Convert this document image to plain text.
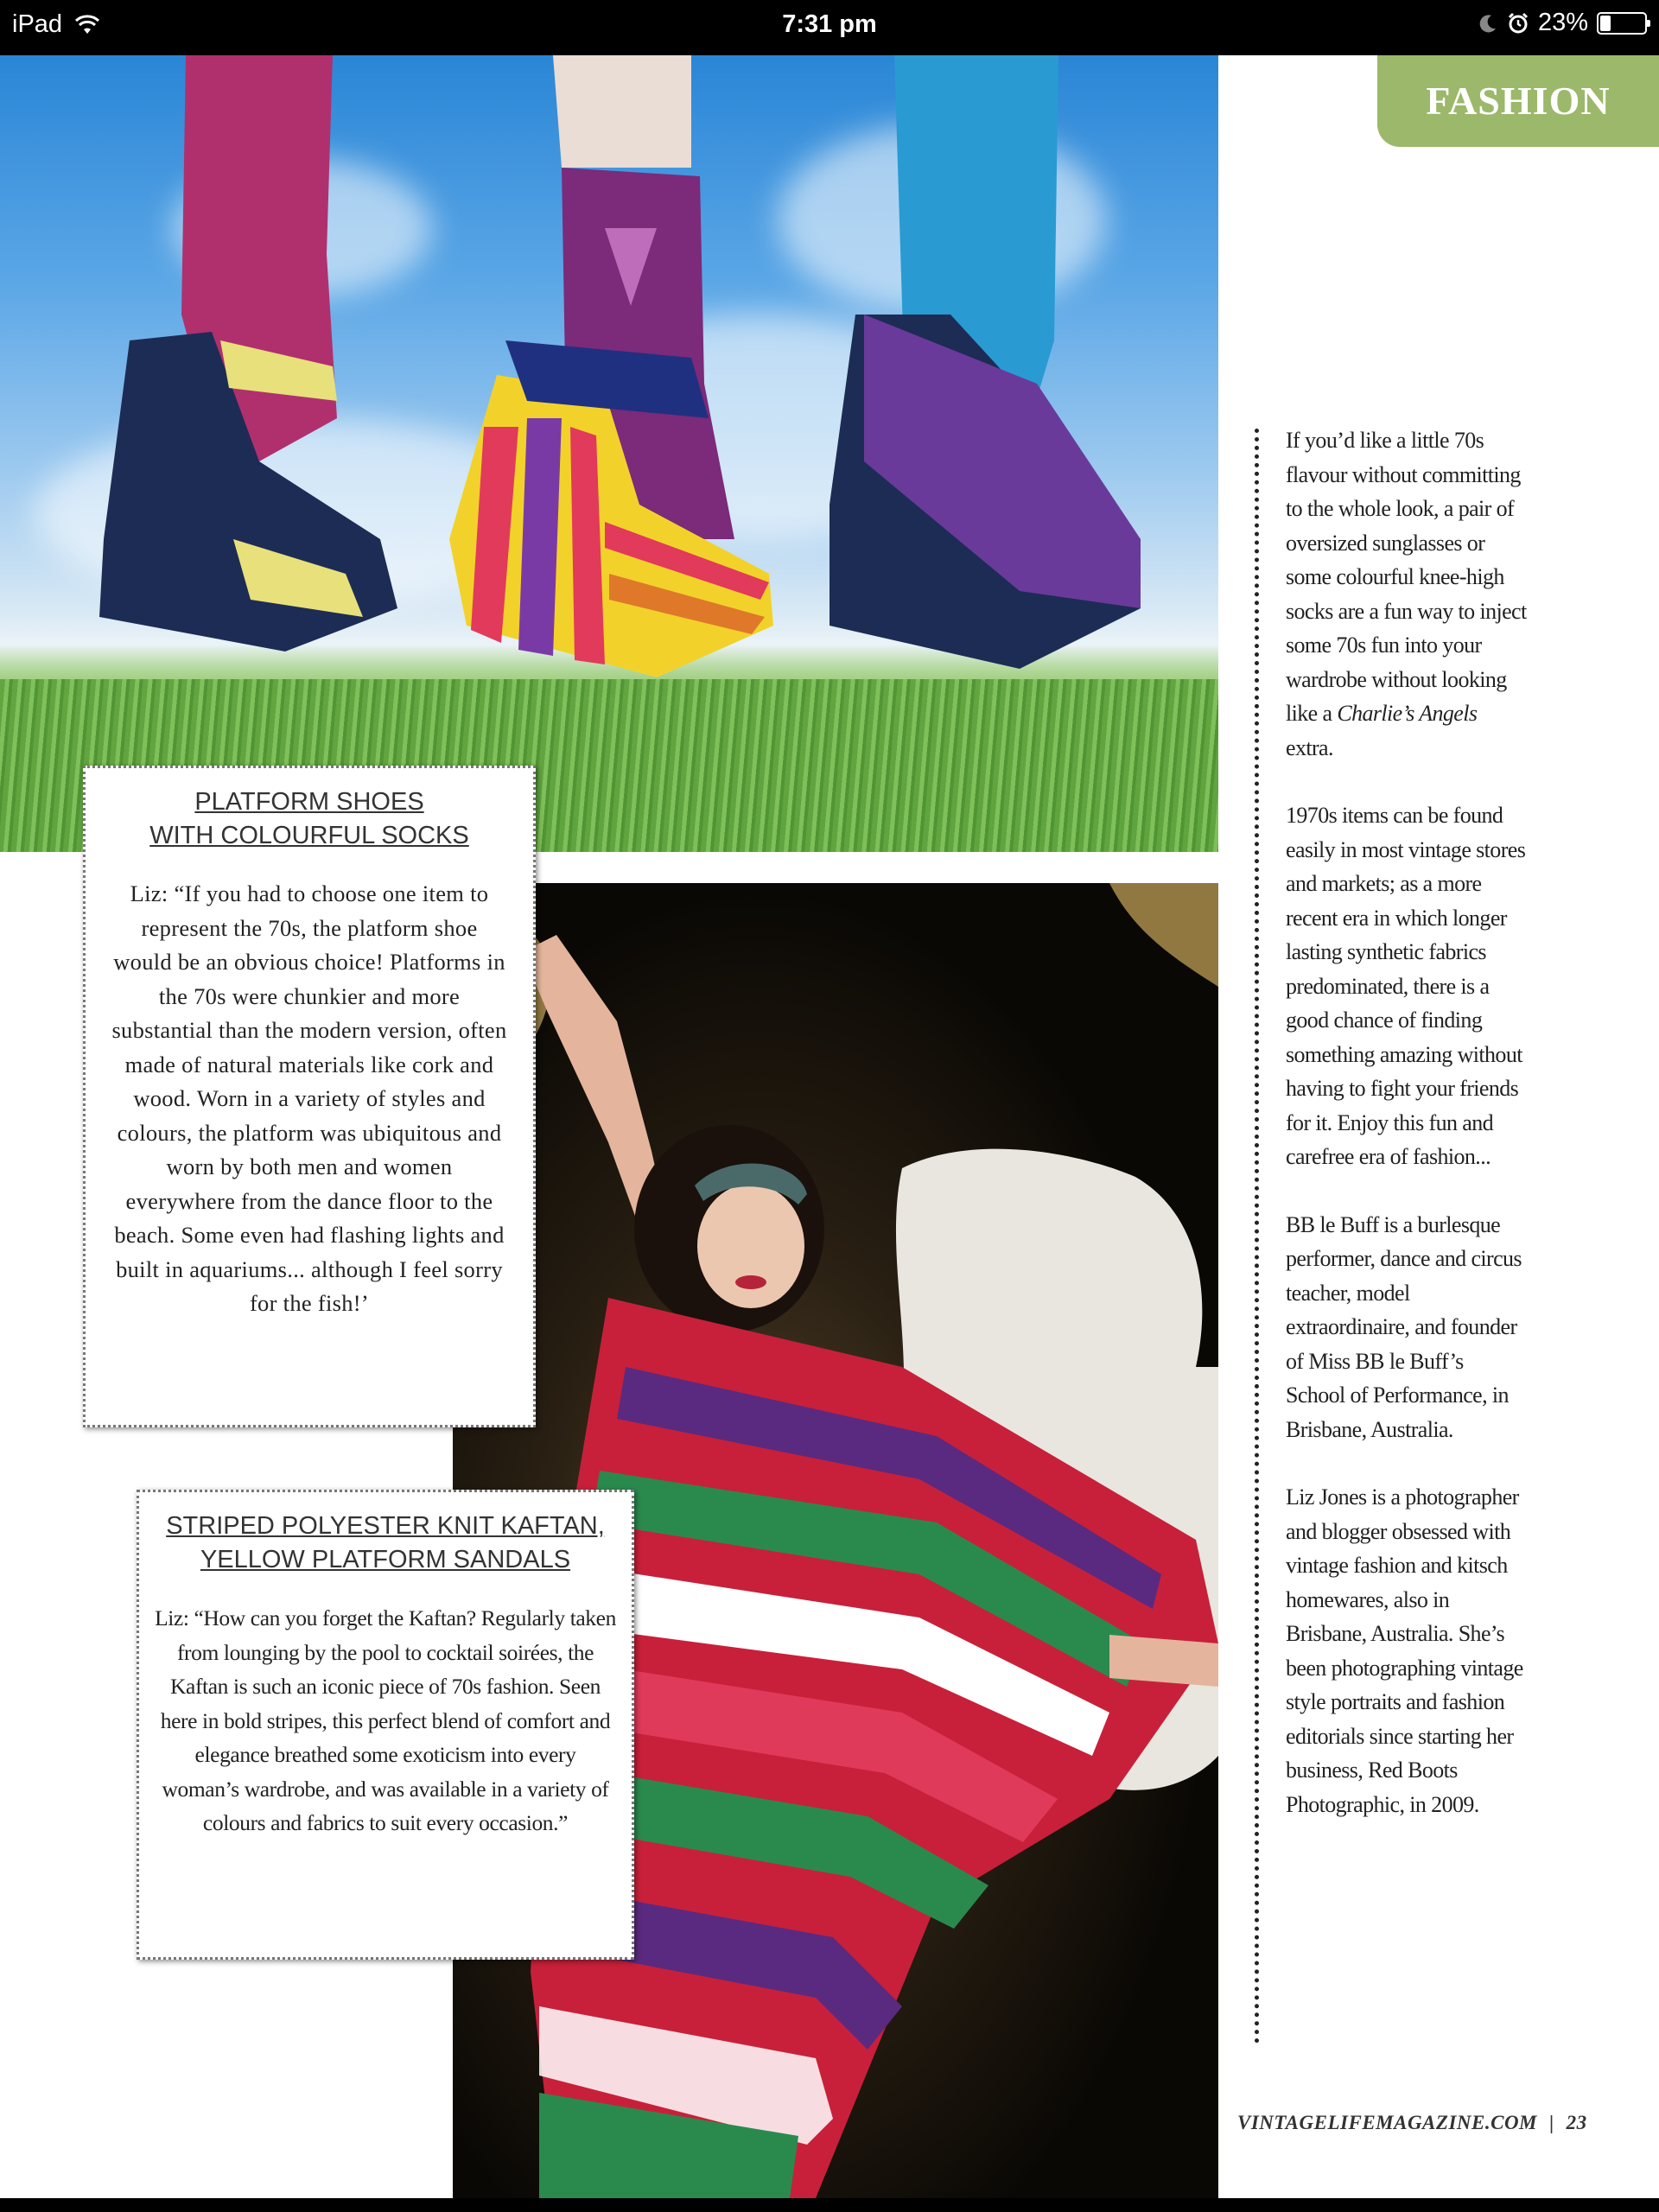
iPad	7:31 pm	23%
FASHION
PLATFORM SHOES
WITH COLOURFUL SOCKS
Liz: “If you had to choose one item to represent the 70s, the platform shoe would be an obvious choice! Platforms in the 70s were chunkier and more substantial than the modern version, often made of natural materials like cork and wood. Worn in a variety of styles and colours, the platform was ubiquitous and worn by both men and women everywhere from the dance floor to the beach. Some even had flashing lights and built in aquariums... although I feel sorry for the fish!’
STRIPED POLYESTER KNIT KAFTAN,
YELLOW PLATFORM SANDALS
Liz: “How can you forget the Kaftan? Regularly taken from lounging by the pool to cocktail soirées, the Kaftan is such an iconic piece of 70s fashion. Seen here in bold stripes, this perfect blend of comfort and elegance breathed some exoticism into every woman’s wardrobe, and was available in a variety of colours and fabrics to suit every occasion.”

If you’d like a little 70s flavour without committing to the whole look, a pair of oversized sunglasses or some colourful knee-high socks are a fun way to inject some 70s fun into your wardrobe without looking like a Charlie’s Angels extra.

1970s items can be found easily in most vintage stores and markets; as a more recent era in which longer lasting synthetic fabrics predominated, there is a good chance of finding something amazing without having to fight your friends for it. Enjoy this fun and carefree era of fashion...

BB le Buff is a burlesque performer, dance and circus teacher, model extraordinaire, and founder of Miss BB le Buff’s School of Performance, in Brisbane, Australia.

Liz Jones is a photographer and blogger obsessed with vintage fashion and kitsch homewares, also in Brisbane, Australia. She’s been photographing vintage style portraits and fashion editorials since starting her business, Red Boots Photographic, in 2009.

VINTAGELIFEMAGAZINE.COM | 23
